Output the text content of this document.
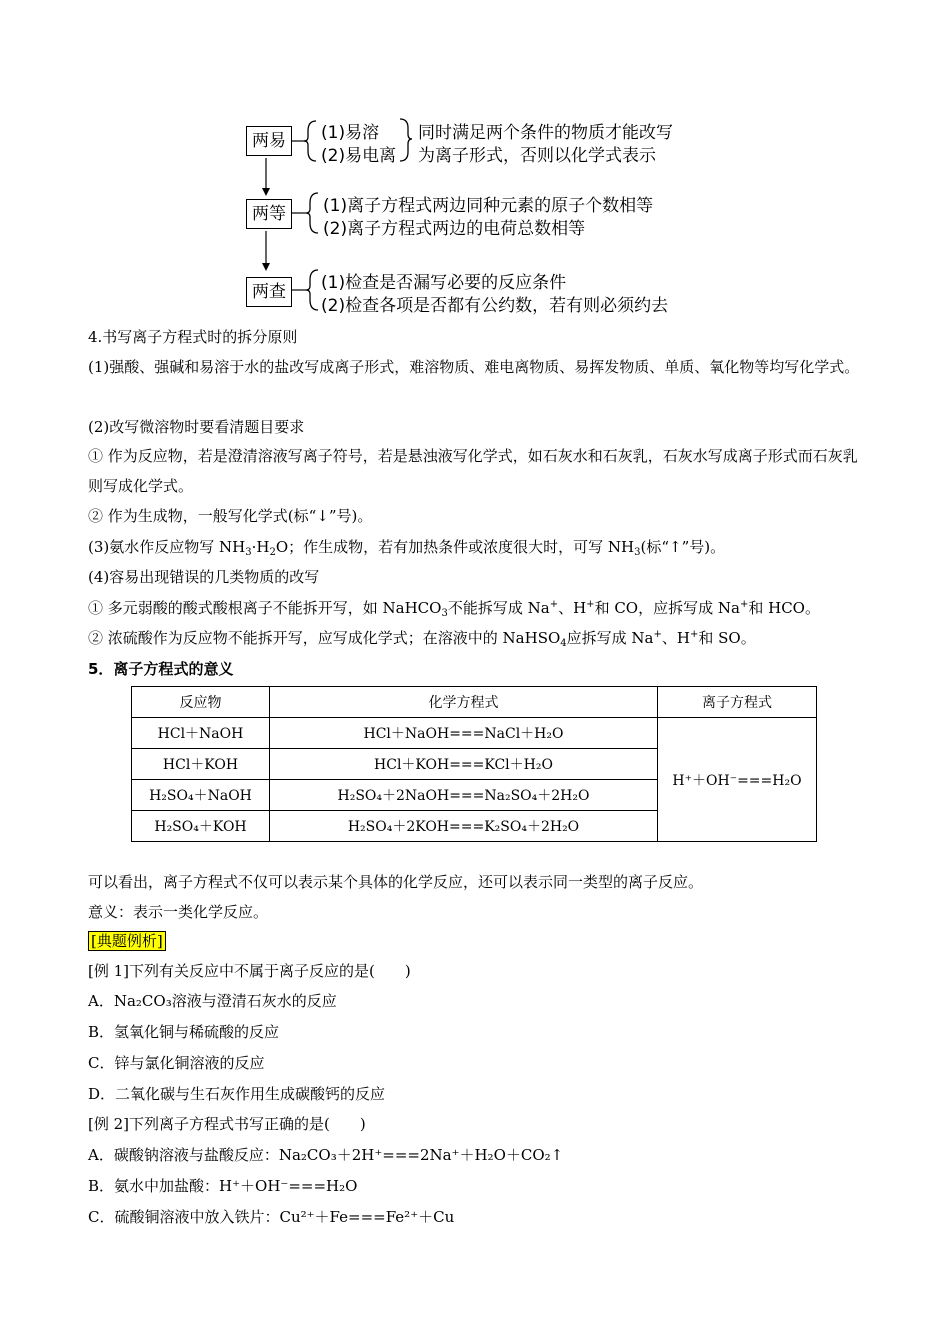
两易
两等
两查
(1)易溶
(2)易电离
同时满足两个条件的物质才能改写
为离子形式，否则以化学式表示
(1)离子方程式两边同种元素的原子个数相等
(2)离子方程式两边的电荷总数相等
(1)检查是否漏写必要的反应条件
(2)检查各项是否都有公约数，若有则必须约去
4.书写离子方程式时的拆分原则
(1)强酸、强碱和易溶于水的盐改写成离子形式，难溶物质、难电离物质、易挥发物质、单质、氧化物等均写化学式。
(2)改写微溶物时要看清题目要求
① 作为反应物，若是澄清溶液写离子符号，若是悬浊液写化学式，如石灰水和石灰乳，石灰水写成离子形式而石灰乳则写成化学式。
② 作为生成物，一般写化学式(标“↓”号)。
(3)氨水作反应物写 $NH_3\cdot H_2O$；作生成物，若有加热条件或浓度很大时，可写 $NH_3$(标“↑”号)。
(4)容易出现错误的几类物质的改写
① 多元弱酸的酸式酸根离子不能拆开写，如 NaHCO$_3$不能拆写成 Na+、H+和 CO，应拆写成 Na+和 HCO。
② 浓硫酸作为反应物不能拆开写，应写成化学式；在溶液中的 NaHSO$_4$应拆写成 Na+、H+和 SO。
5．离子方程式的意义
反应物	化学方程式	离子方程式
HCl＋NaOH	HCl＋NaOH===NaCl＋H₂O	H⁺＋OH⁻===H₂O
HCl＋KOH	HCl＋KOH===KCl＋H₂O	
H₂SO₄＋NaOH	H₂SO₄＋2NaOH===Na₂SO₄＋2H₂O	
H₂SO₄＋KOH	H₂SO₄＋2KOH===K₂SO₄＋2H₂O	
可以看出，离子方程式不仅可以表示某个具体的化学反应，还可以表示同一类型的离子反应。
意义：表示一类化学反应。
[典题例析]
[例 1]下列有关反应中不属于离子反应的是(　　)
A．Na₂CO₃溶液与澄清石灰水的反应
B．氢氧化铜与稀硫酸的反应
C．锌与氯化铜溶液的反应
D．二氧化碳与生石灰作用生成碳酸钙的反应
[例 2]下列离子方程式书写正确的是(　　)
A．碳酸钠溶液与盐酸反应：Na₂CO₃＋2H⁺===2Na⁺＋H₂O＋CO₂↑
B．氨水中加盐酸：H⁺＋OH⁻===H₂O
C．硫酸铜溶液中放入铁片：Cu²⁺＋Fe===Fe²⁺＋Cu
